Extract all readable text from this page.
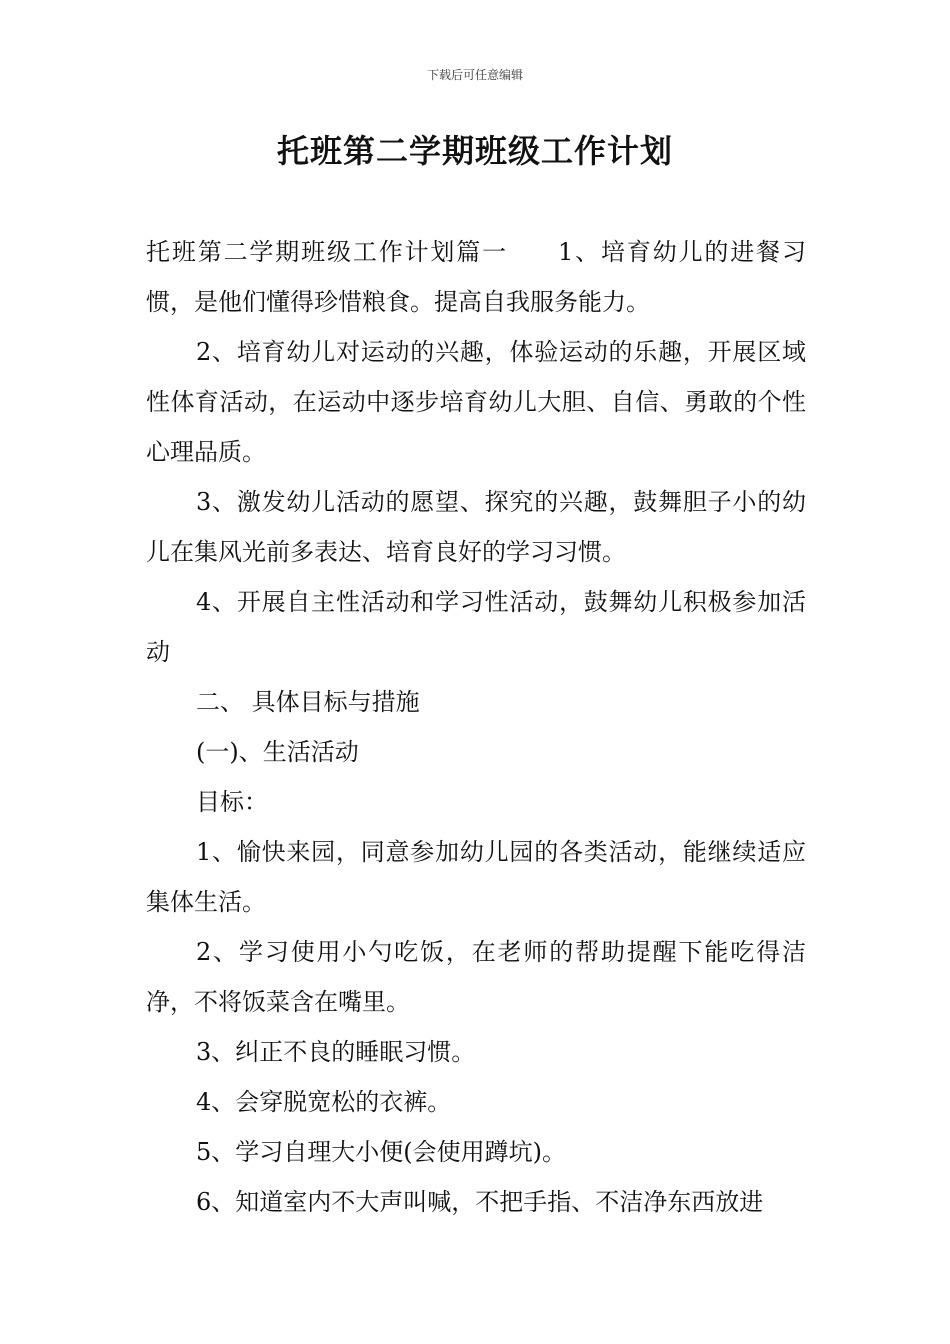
下载后可任意编辑
托班第二学期班级工作计划

托班第二学期班级工作计划篇一 1、培育幼儿的进餐习惯，是他们懂得珍惜粮食。提高自我服务能力。

2、培育幼儿对运动的兴趣，体验运动的乐趣，开展区域性体育活动，在运动中逐步培育幼儿大胆、自信、勇敢的个性心理品质。

3、激发幼儿活动的愿望、探究的兴趣，鼓舞胆子小的幼儿在集风光前多表达、培育良好的学习习惯。

4、开展自主性活动和学习性活动，鼓舞幼儿积极参加活动

二、 具体目标与措施

(一)、生活活动

目标：

1、愉快来园，同意参加幼儿园的各类活动，能继续适应集体生活。

2、学习使用小勺吃饭，在老师的帮助提醒下能吃得洁净，不将饭菜含在嘴里。

3、纠正不良的睡眠习惯。

4、会穿脱宽松的衣裤。

5、学习自理大小便(会使用蹲坑)。

6、知道室内不大声叫喊，不把手指、不洁净东西放进
